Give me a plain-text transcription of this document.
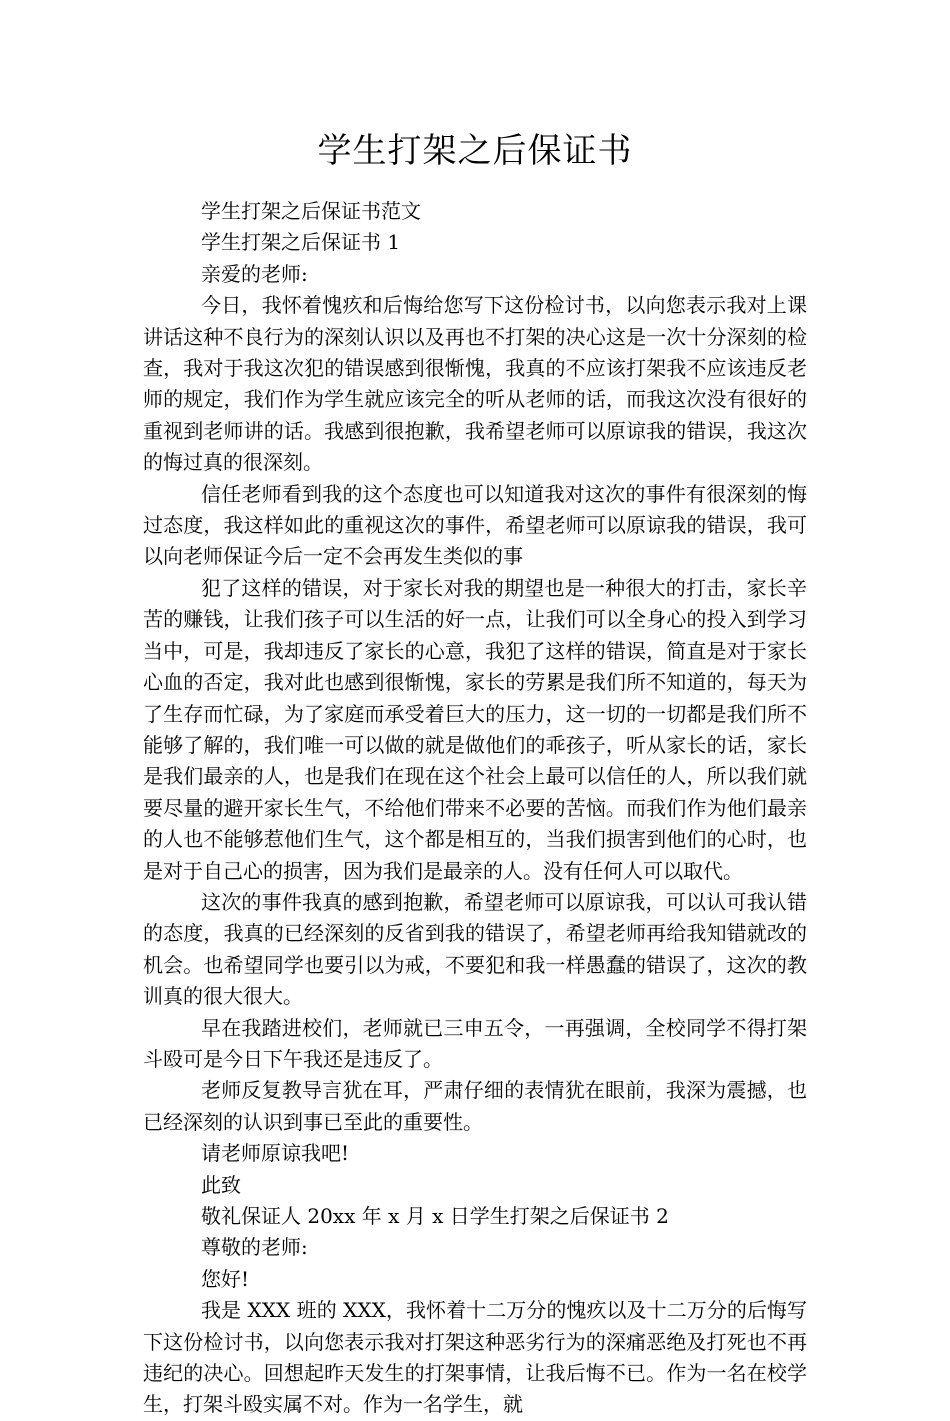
学生打架之后保证书

学生打架之后保证书范文

学生打架之后保证书 1

亲爱的老师:

今日，我怀着愧疚和后悔给您写下这份检讨书，以向您表示我对上课讲话这种不良行为的深刻认识以及再也不打架的决心这是一次十分深刻的检查，我对于我这次犯的错误感到很惭愧，我真的不应该打架我不应该违反老师的规定，我们作为学生就应该完全的听从老师的话，而我这次没有很好的重视到老师讲的话。我感到很抱歉，我希望老师可以原谅我的错误，我这次的悔过真的很深刻。

信任老师看到我的这个态度也可以知道我对这次的事件有很深刻的悔过态度，我这样如此的重视这次的事件，希望老师可以原谅我的错误，我可以向老师保证今后一定不会再发生类似的事

犯了这样的错误，对于家长对我的期望也是一种很大的打击，家长辛苦的赚钱，让我们孩子可以生活的好一点，让我们可以全身心的投入到学习当中，可是，我却违反了家长的心意，我犯了这样的错误，简直是对于家长心血的否定，我对此也感到很惭愧，家长的劳累是我们所不知道的，每天为了生存而忙碌，为了家庭而承受着巨大的压力，这一切的一切都是我们所不能够了解的，我们唯一可以做的就是做他们的乖孩子，听从家长的话，家长是我们最亲的人，也是我们在现在这个社会上最可以信任的人，所以我们就要尽量的避开家长生气，不给他们带来不必要的苦恼。而我们作为他们最亲的人也不能够惹他们生气，这个都是相互的，当我们损害到他们的心时，也是对于自己心的损害，因为我们是最亲的人。没有任何人可以取代。

这次的事件我真的感到抱歉，希望老师可以原谅我，可以认可我认错的态度，我真的已经深刻的反省到我的错误了，希望老师再给我知错就改的机会。也希望同学也要引以为戒，不要犯和我一样愚蠢的错误了，这次的教训真的很大很大。

早在我踏进校们，老师就已三申五令，一再强调，全校同学不得打架斗殴可是今日下午我还是违反了。

老师反复教导言犹在耳，严肃仔细的表情犹在眼前，我深为震撼，也已经深刻的认识到事已至此的重要性。

请老师原谅我吧!

此致

敬礼保证人 20xx 年 x 月 x 日学生打架之后保证书 2

尊敬的老师:

您好!

我是 XXX 班的 XXX，我怀着十二万分的愧疚以及十二万分的后悔写下这份检讨书，以向您表示我对打架这种恶劣行为的深痛恶绝及打死也不再违纪的决心。回想起昨天发生的打架事情，让我后悔不已。作为一名在校学生，打架斗殴实属不对。作为一名学生，就
